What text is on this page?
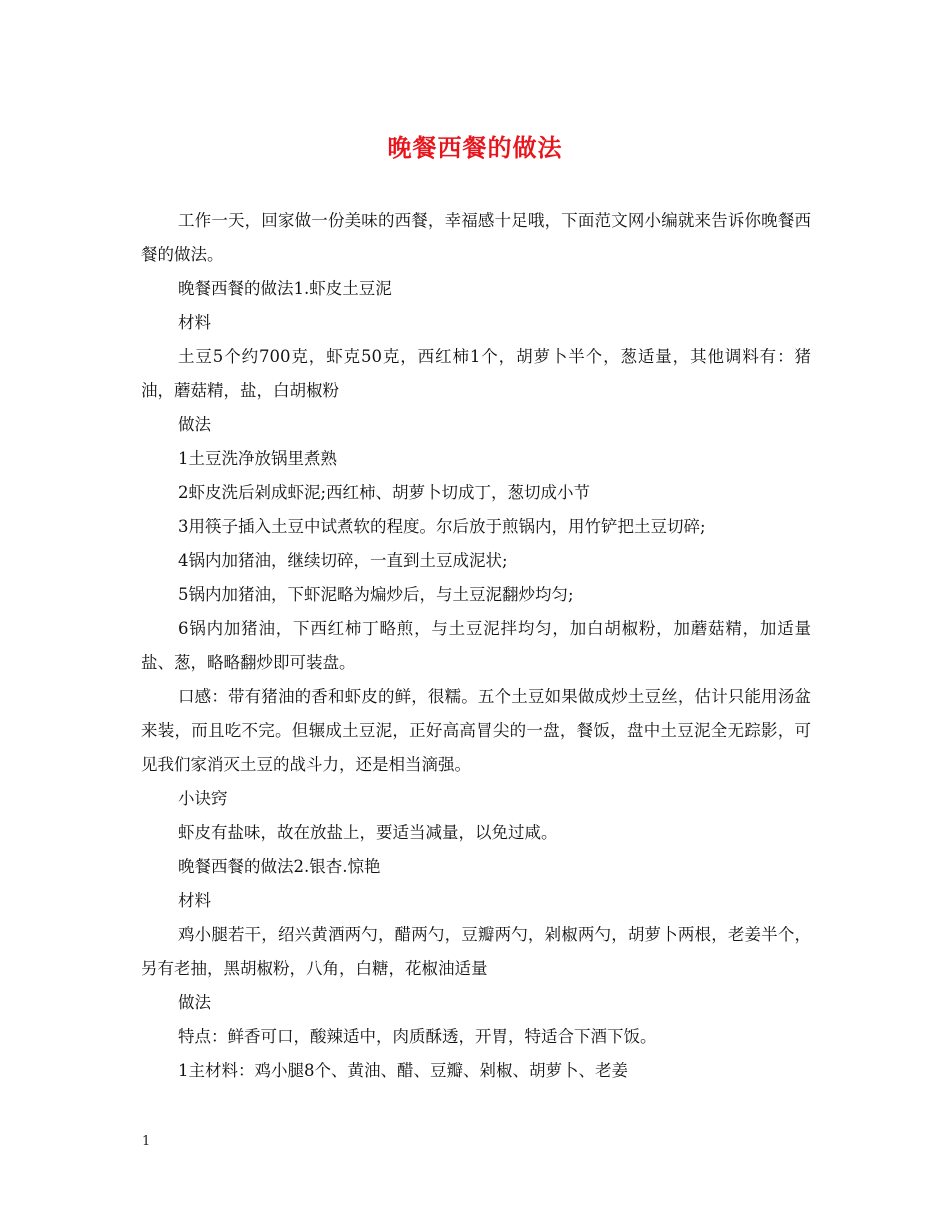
晚餐西餐的做法

工作一天，回家做一份美味的西餐，幸福感十足哦，下面范文网小编就来告诉你晚餐西餐的做法。

晚餐西餐的做法1.虾皮土豆泥

材料

土豆5个约700克，虾克50克，西红柿1个，胡萝卜半个，葱适量，其他调料有：猪油，蘑菇精，盐，白胡椒粉

做法

1土豆洗净放锅里煮熟

2虾皮洗后剁成虾泥;西红柿、胡萝卜切成丁，葱切成小节

3用筷子插入土豆中试煮软的程度。尔后放于煎锅内，用竹铲把土豆切碎;

4锅内加猪油，继续切碎，一直到土豆成泥状;

5锅内加猪油，下虾泥略为煸炒后，与土豆泥翻炒均匀;

6锅内加猪油，下西红柿丁略煎，与土豆泥拌均匀，加白胡椒粉，加蘑菇精，加适量盐、葱，略略翻炒即可装盘。

口感：带有猪油的香和虾皮的鲜，很糯。五个土豆如果做成炒土豆丝，估计只能用汤盆来装，而且吃不完。但辗成土豆泥，正好高高冒尖的一盘，餐饭，盘中土豆泥全无踪影，可见我们家消灭土豆的战斗力，还是相当滴强。

小诀窍

虾皮有盐味，故在放盐上，要适当减量，以免过咸。

晚餐西餐的做法2.银杏.惊艳

材料

鸡小腿若干，绍兴黄酒两勺，醋两勺，豆瓣两勺，剁椒两勺，胡萝卜两根，老姜半个，另有老抽，黑胡椒粉，八角，白糖，花椒油适量

做法

特点：鲜香可口，酸辣适中，肉质酥透，开胃，特适合下酒下饭。

1主材料：鸡小腿8个、黄油、醋、豆瓣、剁椒、胡萝卜、老姜

1
